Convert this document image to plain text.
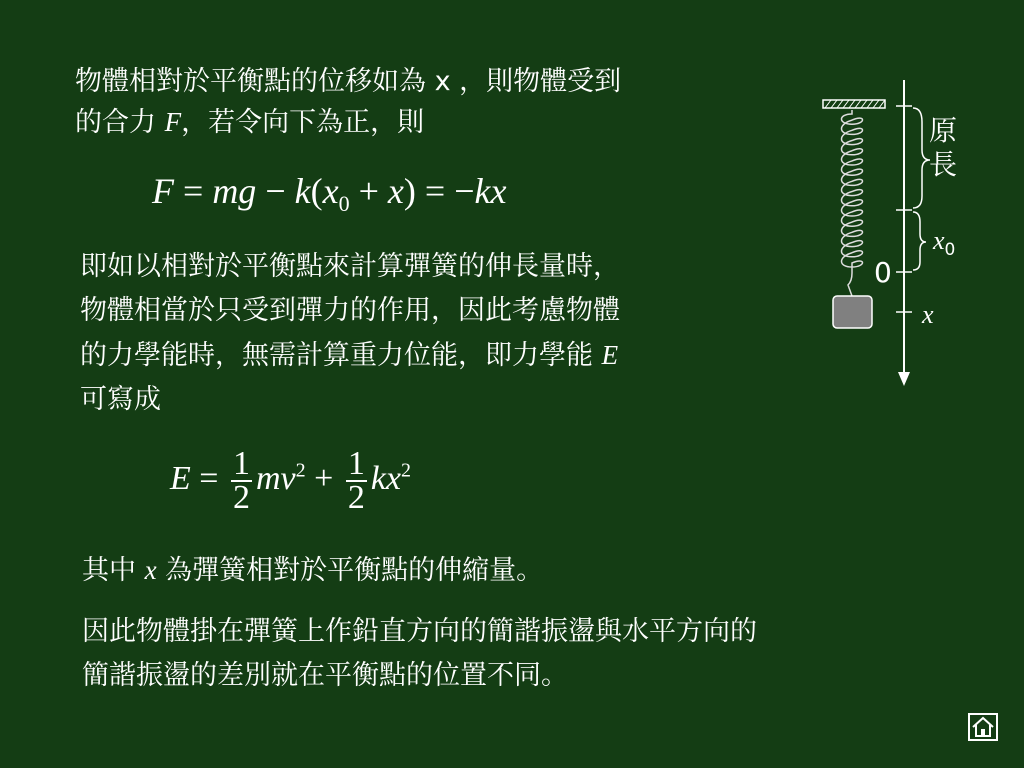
物體相對於平衡點的位移如為 x ，則物體受到
的合力 F，若令向下為正，則

F = mg − $k(x_0 + x) = -kx$

即如以相對於平衡點來計算彈簧的伸長量時，
物體相當於只受到彈力的作用，因此考慮物體
的力學能時，無需計算重力位能，即力學能 E
可寫成

$E = \frac{1}{2} mv^2 + \frac{1}{2} kx^2$

其中 x 為彈簧相對於平衡點的伸縮量。

因此物體掛在彈簧上作鉛直方向的簡諧振盪與水平方向的
簡諧振盪的差別就在平衡點的位置不同。

原
長
$x_0$
0
x
